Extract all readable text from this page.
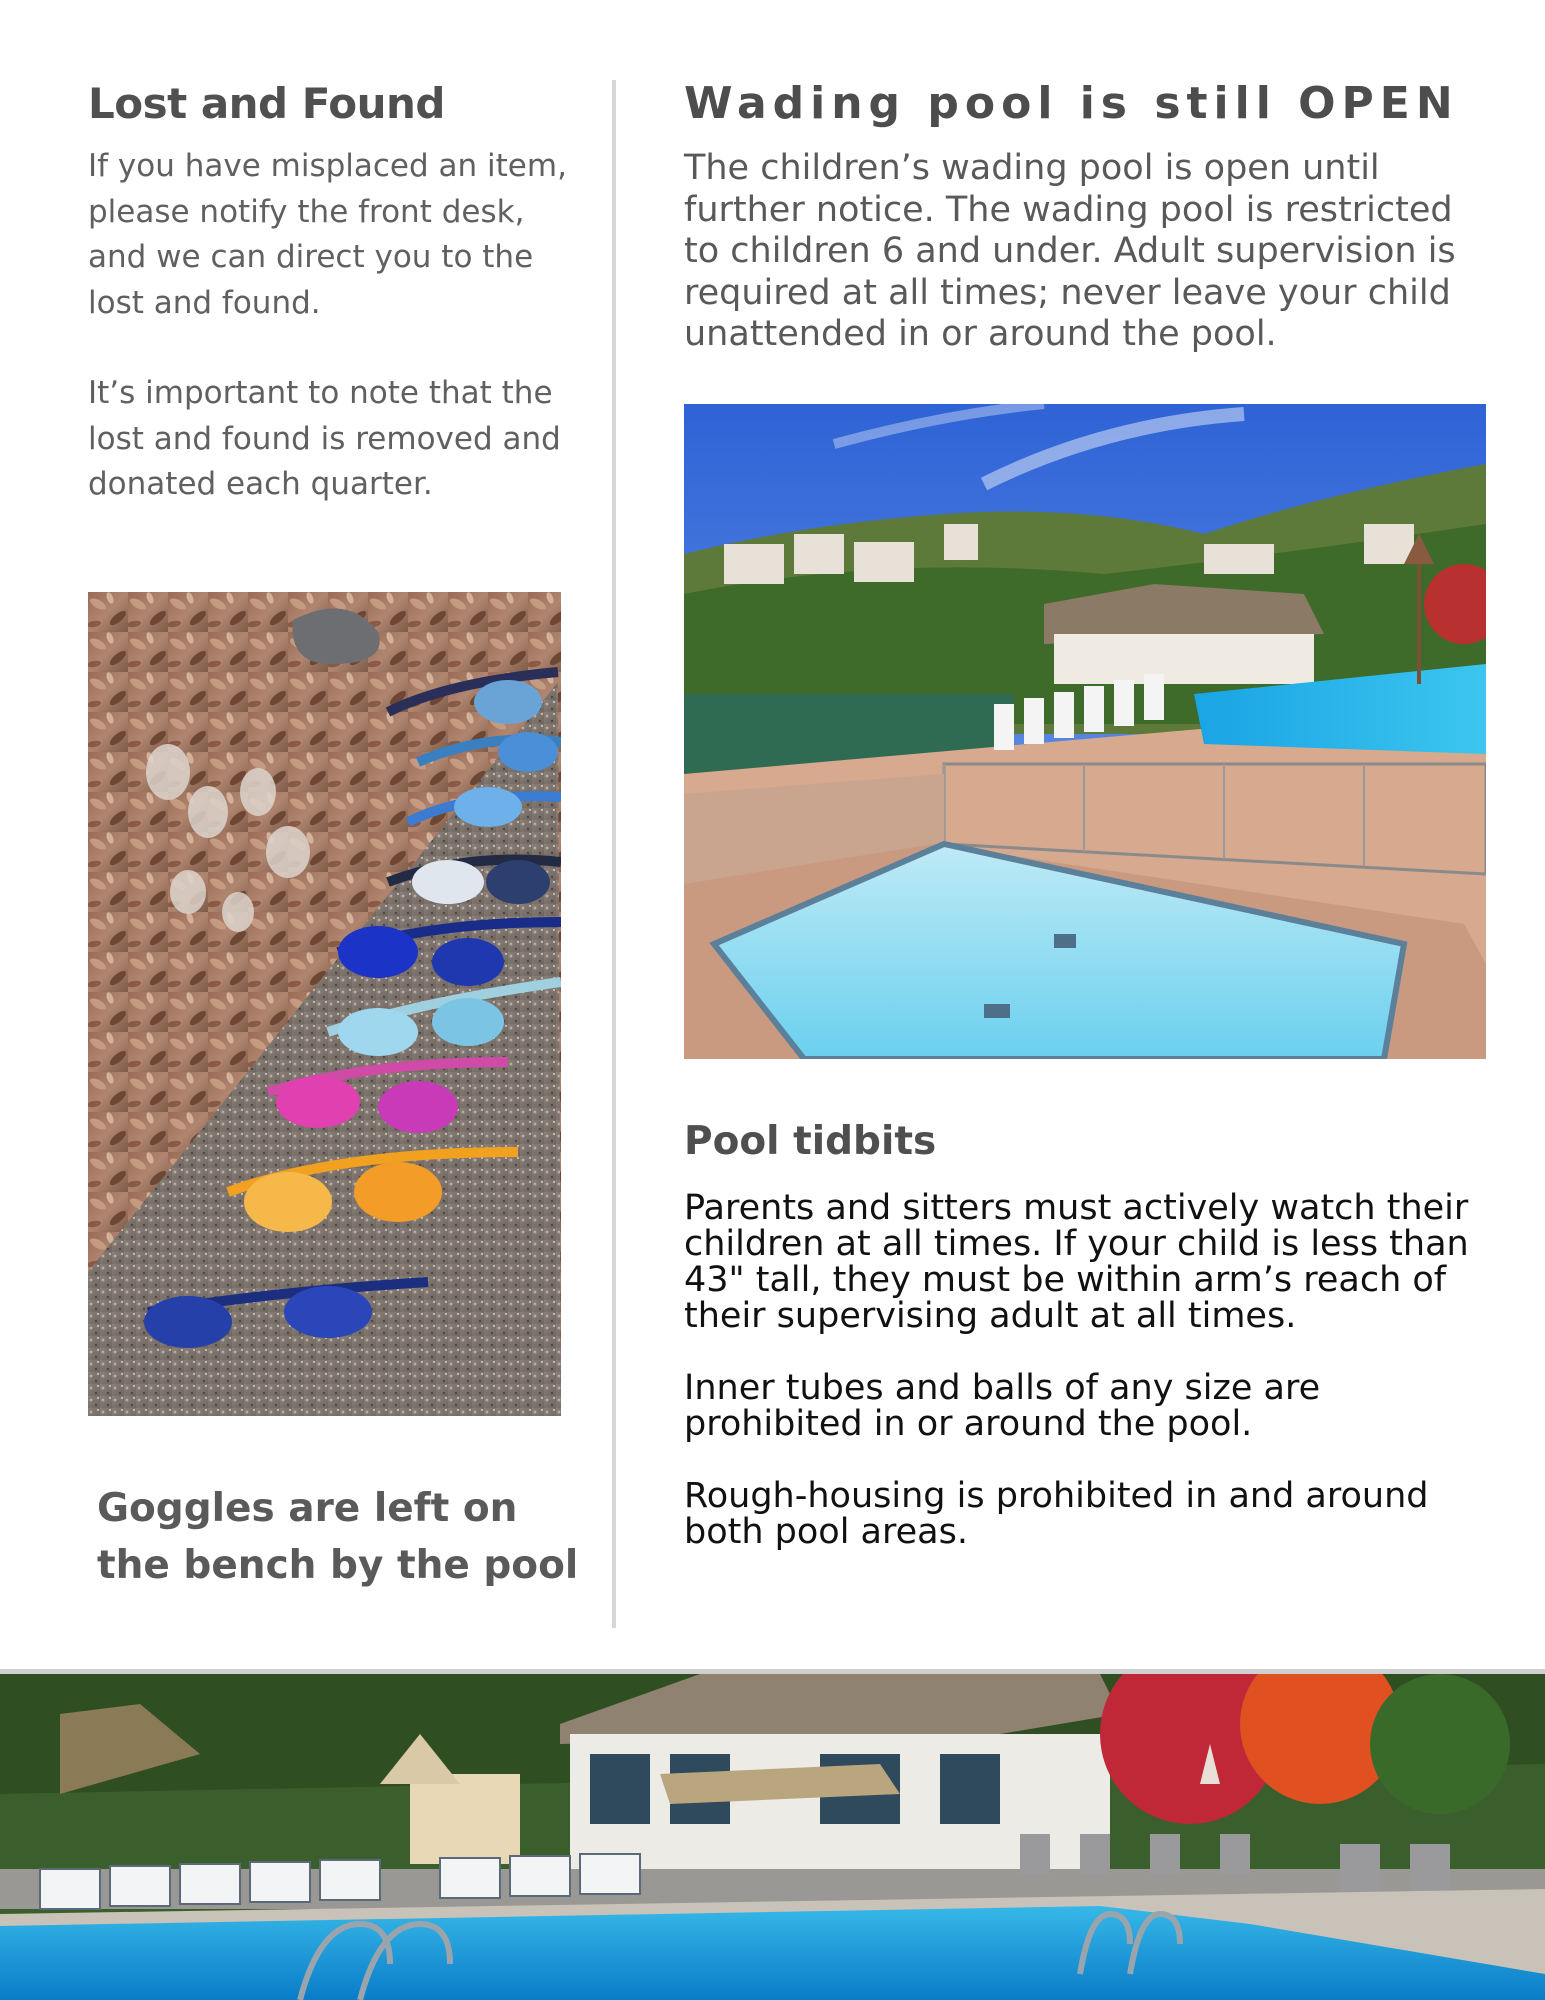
Lost and Found

If you have misplaced an item, please notify the front desk, and we can direct you to the lost and found.

It’s important to note that the lost and found is removed and donated each quarter.

Goggles are left on the bench by the pool
Wading pool is still OPEN

The children’s wading pool is open until further notice. The wading pool is restricted to children 6 and under. Adult supervision is required at all times; never leave your child unattended in or around the pool.

Pool tidbits

Parents and sitters must actively watch their children at all times. If your child is less than 43" tall, they must be within arm’s reach of their supervising adult at all times.

Inner tubes and balls of any size are prohibited in or around the pool.

Rough-housing is prohibited in and around both pool areas.
